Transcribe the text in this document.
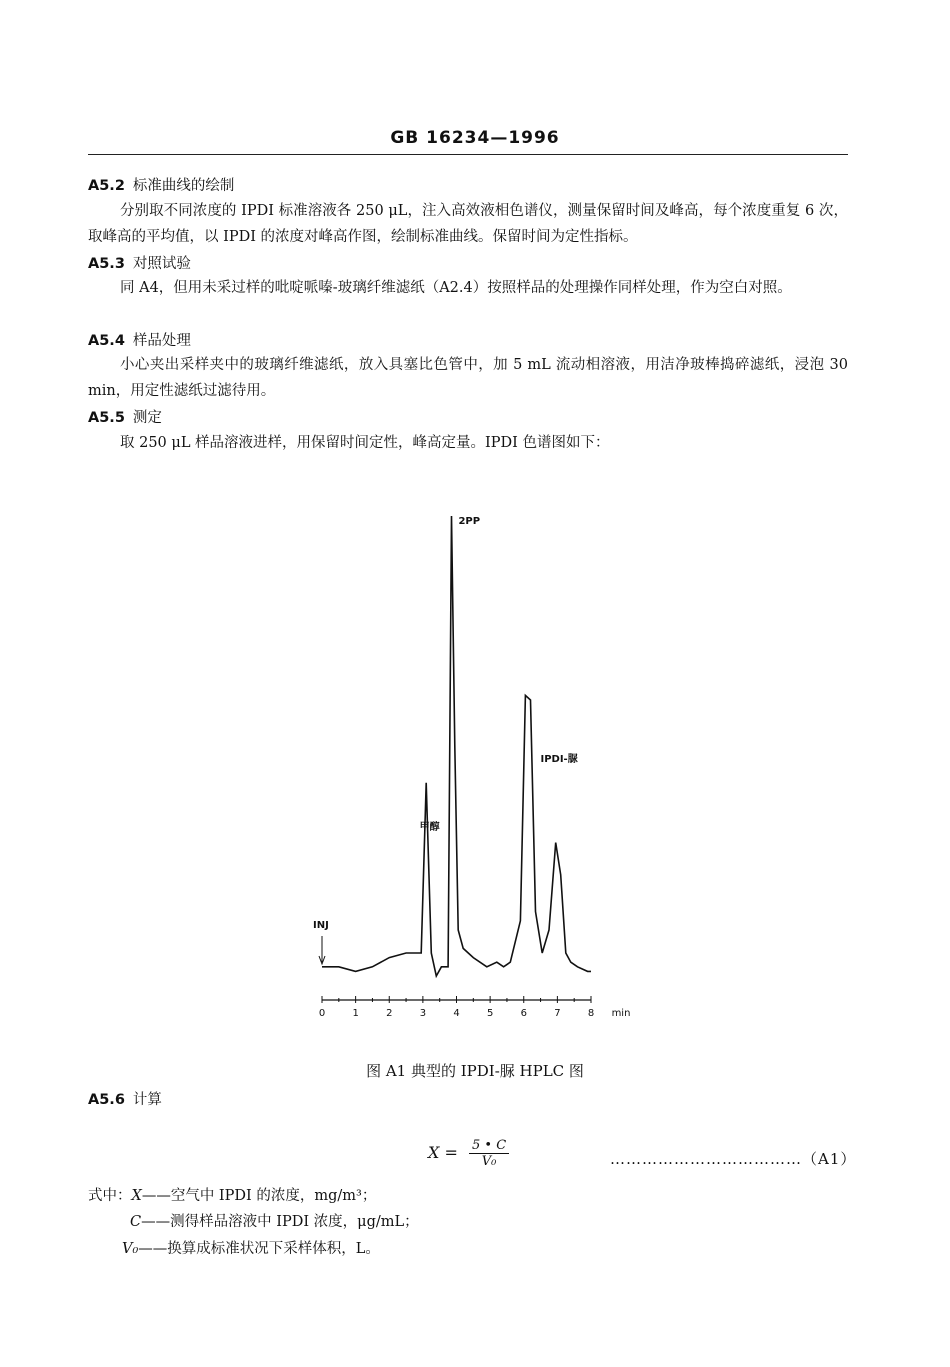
GB 16234—1996
A5.2 标准曲线的绘制
分别取不同浓度的 IPDI 标准溶液各 250 μL，注入高效液相色谱仪，测量保留时间及峰高，每个浓度重复 6 次，取峰高的平均值，以 IPDI 的浓度对峰高作图，绘制标准曲线。保留时间为定性指标。
A5.3 对照试验
同 A4，但用未采过样的吡啶哌嗪-玻璃纤维滤纸（A2.4）按照样品的处理操作同样处理，作为空白对照。
A5.4 样品处理
小心夹出采样夹中的玻璃纤维滤纸，放入具塞比色管中，加 5 mL 流动相溶液，用洁净玻棒捣碎滤纸，浸泡 30 min，用定性滤纸过滤待用。
A5.5 测定
取 250 μL 样品溶液进样，用保留时间定性，峰高定量。IPDI 色谱图如下：
0	1	2	3	4	5	6	7	8 min
INJ
甲醇
2PP
IPDI-脲
图 A1 典型的 IPDI-脲 HPLC 图
A5.6 计算
$X = \frac{5 • C}{\text{V₀}}$	………………………………（A1）
式中：X——空气中 IPDI 的浓度，mg/m³；
C——测得样品溶液中 IPDI 浓度，μg/mL；
V₀——换算成标准状况下采样体积，L。
